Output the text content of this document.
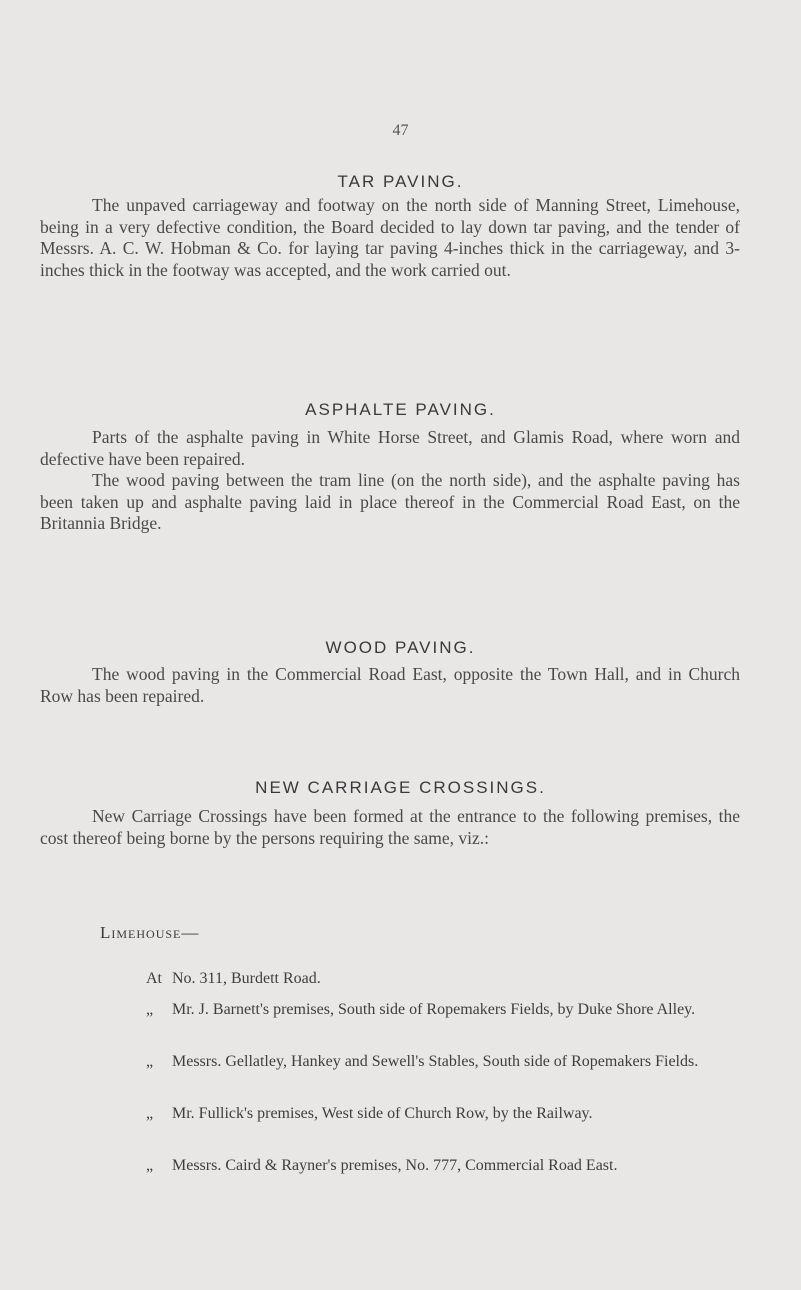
47
TAR PAVING.

The unpaved carriageway and footway on the north side of Manning Street, Limehouse, being in a very defective condition, the Board decided to lay down tar paving, and the tender of Messrs. A. C. W. Hobman & Co. for laying tar paving 4-inches thick in the carriageway, and 3-inches thick in the footway was accepted, and the work carried out.

ASPHALTE PAVING.

Parts of the asphalte paving in White Horse Street, and Glamis Road, where worn and defective have been repaired.

The wood paving between the tram line (on the north side), and the asphalte paving has been taken up and asphalte paving laid in place thereof in the Commercial Road East, on the Britannia Bridge.

WOOD PAVING.

The wood paving in the Commercial Road East, opposite the Town Hall, and in Church Row has been repaired.

NEW CARRIAGE CROSSINGS.

New Carriage Crossings have been formed at the entrance to the following premises, the cost thereof being borne by the persons requiring the same, viz.:

Limehouse—
At No. 311, Burdett Road.
„	Mr. J. Barnett's premises, South side of Ropemakers Fields, by Duke Shore Alley.
„	Messrs. Gellatley, Hankey and Sewell's Stables, South side of Ropemakers Fields.
„	Mr. Fullick's premises, West side of Church Row, by the Railway.
„	Messrs. Caird & Rayner's premises, No. 777, Commercial Road East.
